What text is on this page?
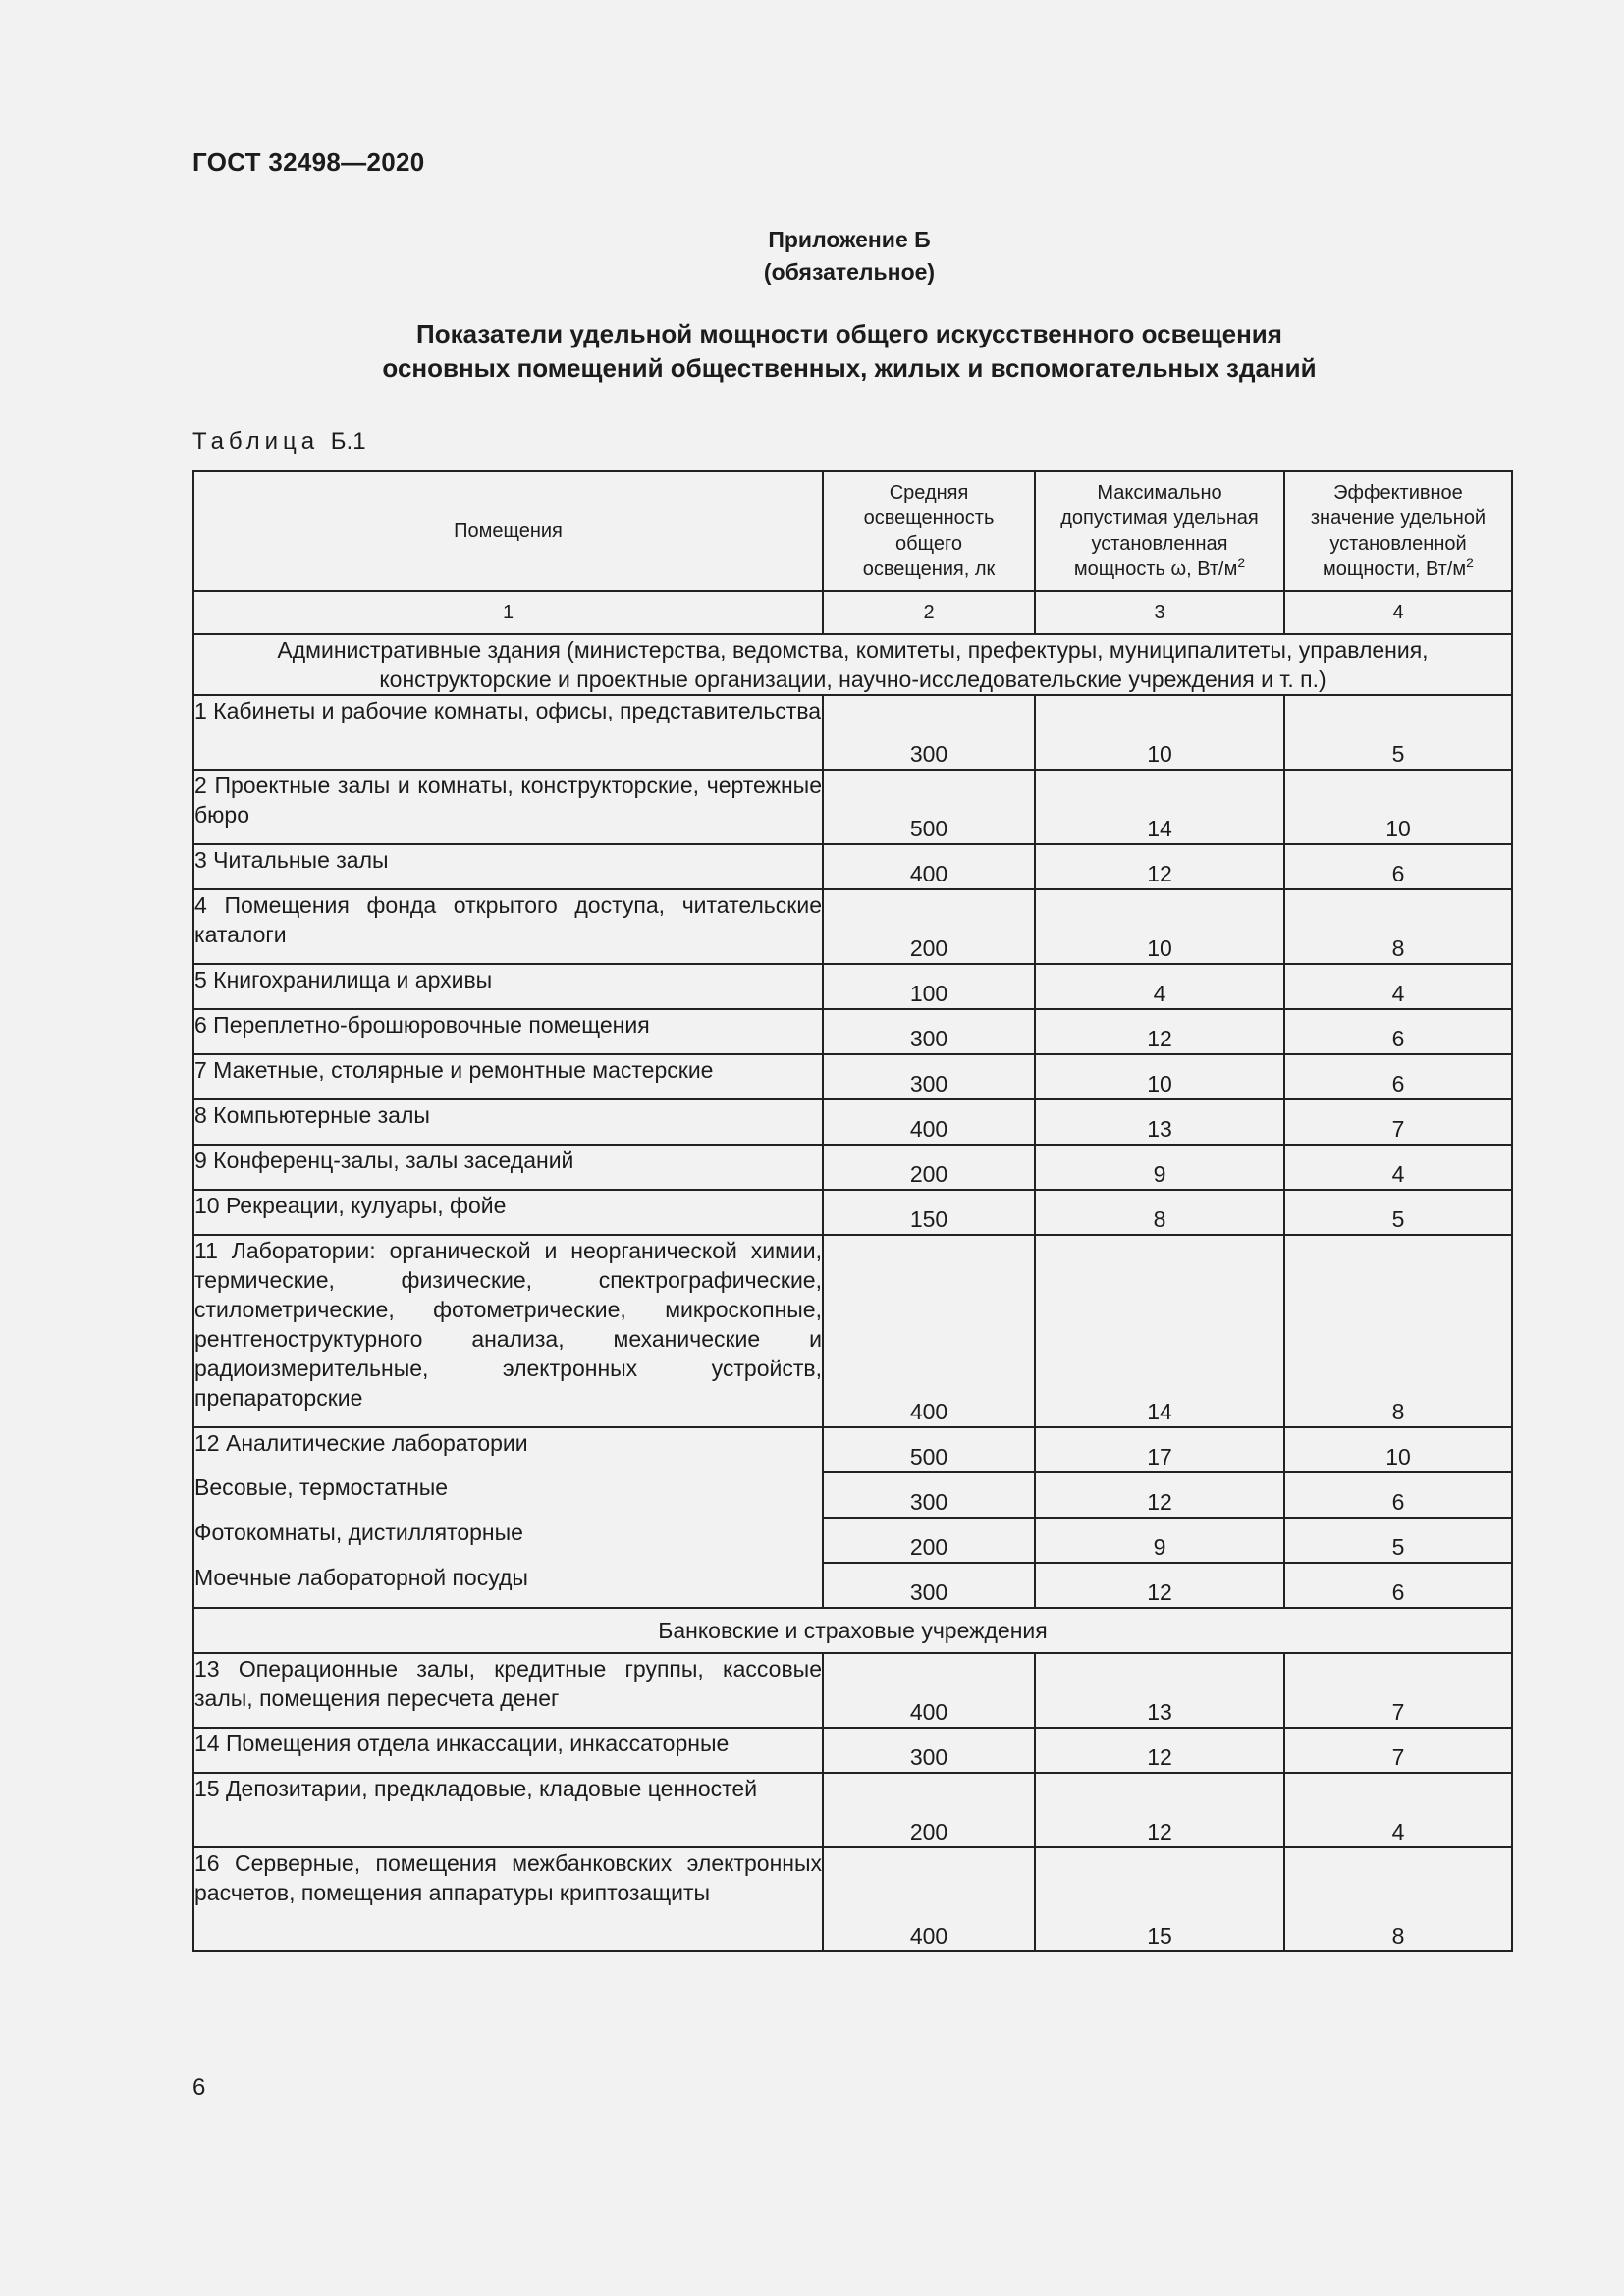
ГОСТ 32498—2020
Приложение Б
(обязательное)
Показатели удельной мощности общего искусственного освещения
основных помещений общественных, жилых и вспомогательных зданий
Таблица Б.1
Помещения	Средняя
освещенность
общего
освещения, лк	Максимально
допустимая удельная
установленная
мощность ω, $Вт/м^2$	Эффективное
значение удельной
установленной
мощности, $Вт/м^2$
1	2	3	4

Административные здания (министерства, ведомства, комитеты, префектуры, муниципалитеты, управления,
конструкторские и проектные организации, научно-исследовательские учреждения и т. п.)			

1 Кабинеты и рабочие комнаты, офисы, представительства	300	10	5
2 Проектные залы и комнаты, конструкторские, чертежные бюро	500	14	10
3 Читальные залы	400	12	6
4 Помещения фонда открытого доступа, читательские каталоги	200	10	8
5 Книгохранилища и архивы	100	4	4
6 Переплетно-брошюровочные помещения	300	12	6
7 Макетные, столярные и ремонтные мастерские	300	10	6
8 Компьютерные залы	400	13	7
9 Конференц-залы, залы заседаний	200	9	4
10 Рекреации, кулуары, фойе	150	8	5
11 Лаборатории: органической и неорганической химии, термические, физические, спектрографические, стилометрические, фотометрические, микроскопные, рентгеноструктурного анализа, механические и радиоизмерительные, электронных устройств, препараторские	400	14	8
12 Аналитические лаборатории	500	17	10
Весовые, термостатные	300	12	6
Фотокомнаты, дистилляторные	200	9	5
Моечные лабораторной посуды	300	12	6
Банковские и страховые учреждения			
13 Операционные залы, кредитные группы, кассовые залы, помещения пересчета денег	400	13	7
14 Помещения отдела инкассации, инкассаторные	300	12	7
15 Депозитарии, предкладовые, кладовые ценностей	200	12	4
16 Серверные, помещения межбанковских электронных расчетов, помещения аппаратуры криптозащиты	400	15	8
6
